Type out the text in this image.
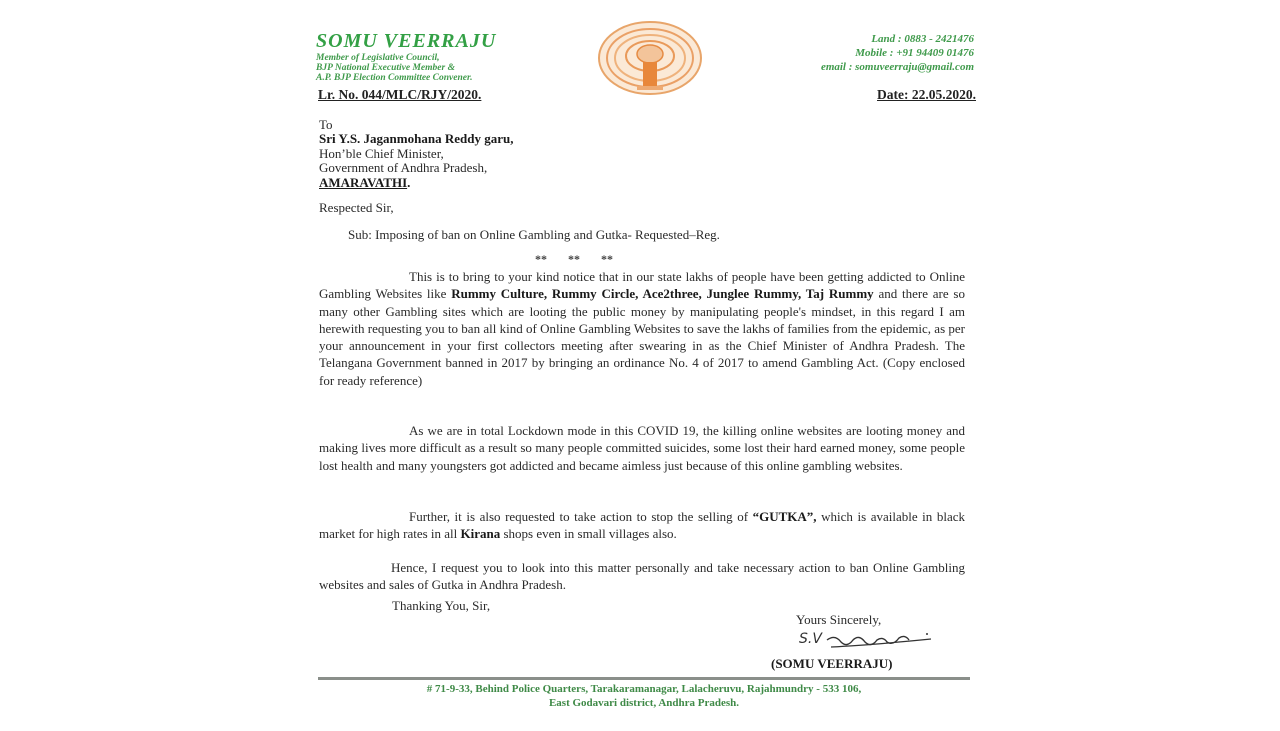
SOMU VEERRAJU
Member of Legislative Council,
BJP National Executive Member &
A.P. BJP Election Committee Convener.
Land : 0883 - 2421476
Mobile : +91 94409 01476
email : somuveerraju@gmail.com
Lr. No. 044/MLC/RJY/2020.	Date: 22.05.2020.
To
Sri Y.S. Jaganmohana Reddy garu,
Hon’ble Chief Minister,
Government of Andhra Pradesh,
AMARAVATHI.
Respected Sir,
Sub: Imposing of ban on Online Gambling and Gutka- Requested–Reg.
** ** **
This is to bring to your kind notice that in our state lakhs of people have been getting addicted to Online Gambling Websites like Rummy Culture, Rummy Circle, Ace2three, Junglee Rummy, Taj Rummy and there are so many other Gambling sites which are looting the public money by manipulating people's mindset, in this regard I am herewith requesting you to ban all kind of Online Gambling Websites to save the lakhs of families from the epidemic, as per your announcement in your first collectors meeting after swearing in as the Chief Minister of Andhra Pradesh. The Telangana Government banned in 2017 by bringing an ordinance No. 4 of 2017 to amend Gambling Act. (Copy enclosed for ready reference)
As we are in total Lockdown mode in this COVID 19, the killing online websites are looting money and making lives more difficult as a result so many people committed suicides, some lost their hard earned money, some people lost health and many youngsters got addicted and became aimless just because of this online gambling websites.
Further, it is also requested to take action to stop the selling of “GUTKA”, which is available in black market for high rates in all Kirana shops even in small villages also.
Hence, I request you to look into this matter personally and take necessary action to ban Online Gambling websites and sales of Gutka in Andhra Pradesh.
Thanking You, Sir,
Yours Sincerely,
S.V
(SOMU VEERRAJU)
# 71-9-33, Behind Police Quarters, Tarakaramanagar, Lalacheruvu, Rajahmundry - 533 106,
East Godavari district, Andhra Pradesh.
